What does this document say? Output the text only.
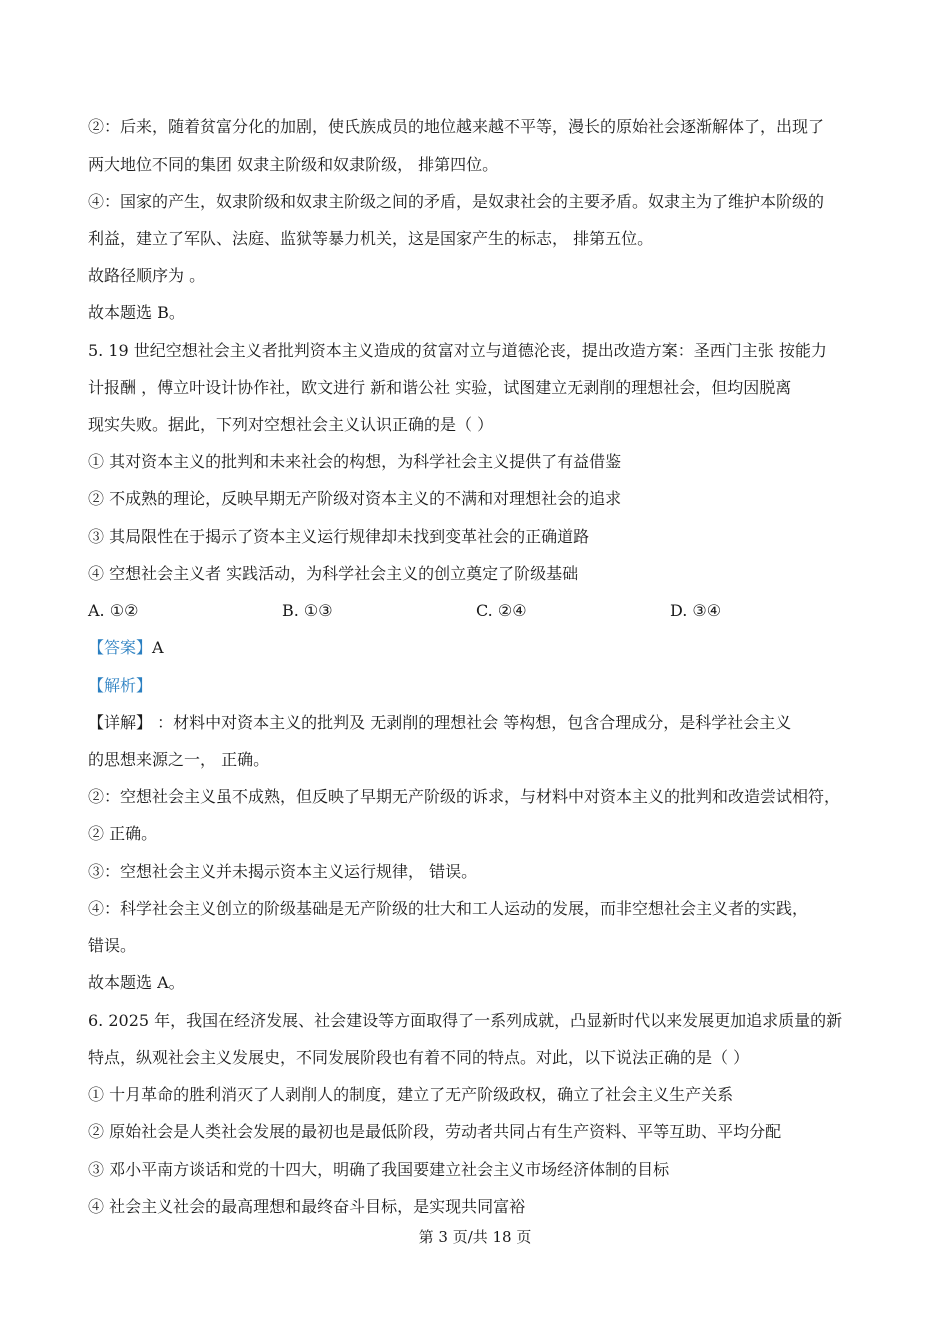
②：后来，随着贫富分化的加剧，使氏族成员的地位越来越不平等，漫长的原始社会逐渐解体了，出现了
两大地位不同的集团 奴隶主阶级和奴隶阶级， 排第四位。
④：国家的产生，奴隶阶级和奴隶主阶级之间的矛盾，是奴隶社会的主要矛盾。奴隶主为了维护本阶级的
利益，建立了军队、法庭、监狱等暴力机关，这是国家产生的标志， 排第五位。
故路径顺序为 。
故本题选 B。
5. 19 世纪空想社会主义者批判资本主义造成的贫富对立与道德沦丧，提出改造方案：圣西门主张 按能力
计报酬 ，傅立叶设计协作社，欧文进行 新和谐公社 实验，试图建立无剥削的理想社会，但均因脱离
现实失败。据此，下列对空想社会主义认识正确的是（ ）
① 其对资本主义的批判和未来社会的构想，为科学社会主义提供了有益借鉴
② 不成熟的理论，反映早期无产阶级对资本主义的不满和对理想社会的追求
③ 其局限性在于揭示了资本主义运行规律却未找到变革社会的正确道路
④ 空想社会主义者 实践活动，为科学社会主义的创立奠定了阶级基础
A. ①②	B. ①③	C. ②④	D. ③④
【答案】A
【解析】
【详解】 ：材料中对资本主义的批判及 无剥削的理想社会 等构想，包含合理成分，是科学社会主义
的思想来源之一， 正确。
②：空想社会主义虽不成熟，但反映了早期无产阶级的诉求，与材料中对资本主义的批判和改造尝试相符，
② 正确。
③：空想社会主义并未揭示资本主义运行规律， 错误。
④：科学社会主义创立的阶级基础是无产阶级的壮大和工人运动的发展，而非空想社会主义者的实践，
错误。
故本题选 A。
6. 2025 年，我国在经济发展、社会建设等方面取得了一系列成就，凸显新时代以来发展更加追求质量的新
特点，纵观社会主义发展史，不同发展阶段也有着不同的特点。对此，以下说法正确的是（ ）
① 十月革命的胜利消灭了人剥削人的制度，建立了无产阶级政权，确立了社会主义生产关系
② 原始社会是人类社会发展的最初也是最低阶段，劳动者共同占有生产资料、平等互助、平均分配
③ 邓小平南方谈话和党的十四大，明确了我国要建立社会主义市场经济体制的目标
④ 社会主义社会的最高理想和最终奋斗目标，是实现共同富裕
第 3 页/共 18 页
